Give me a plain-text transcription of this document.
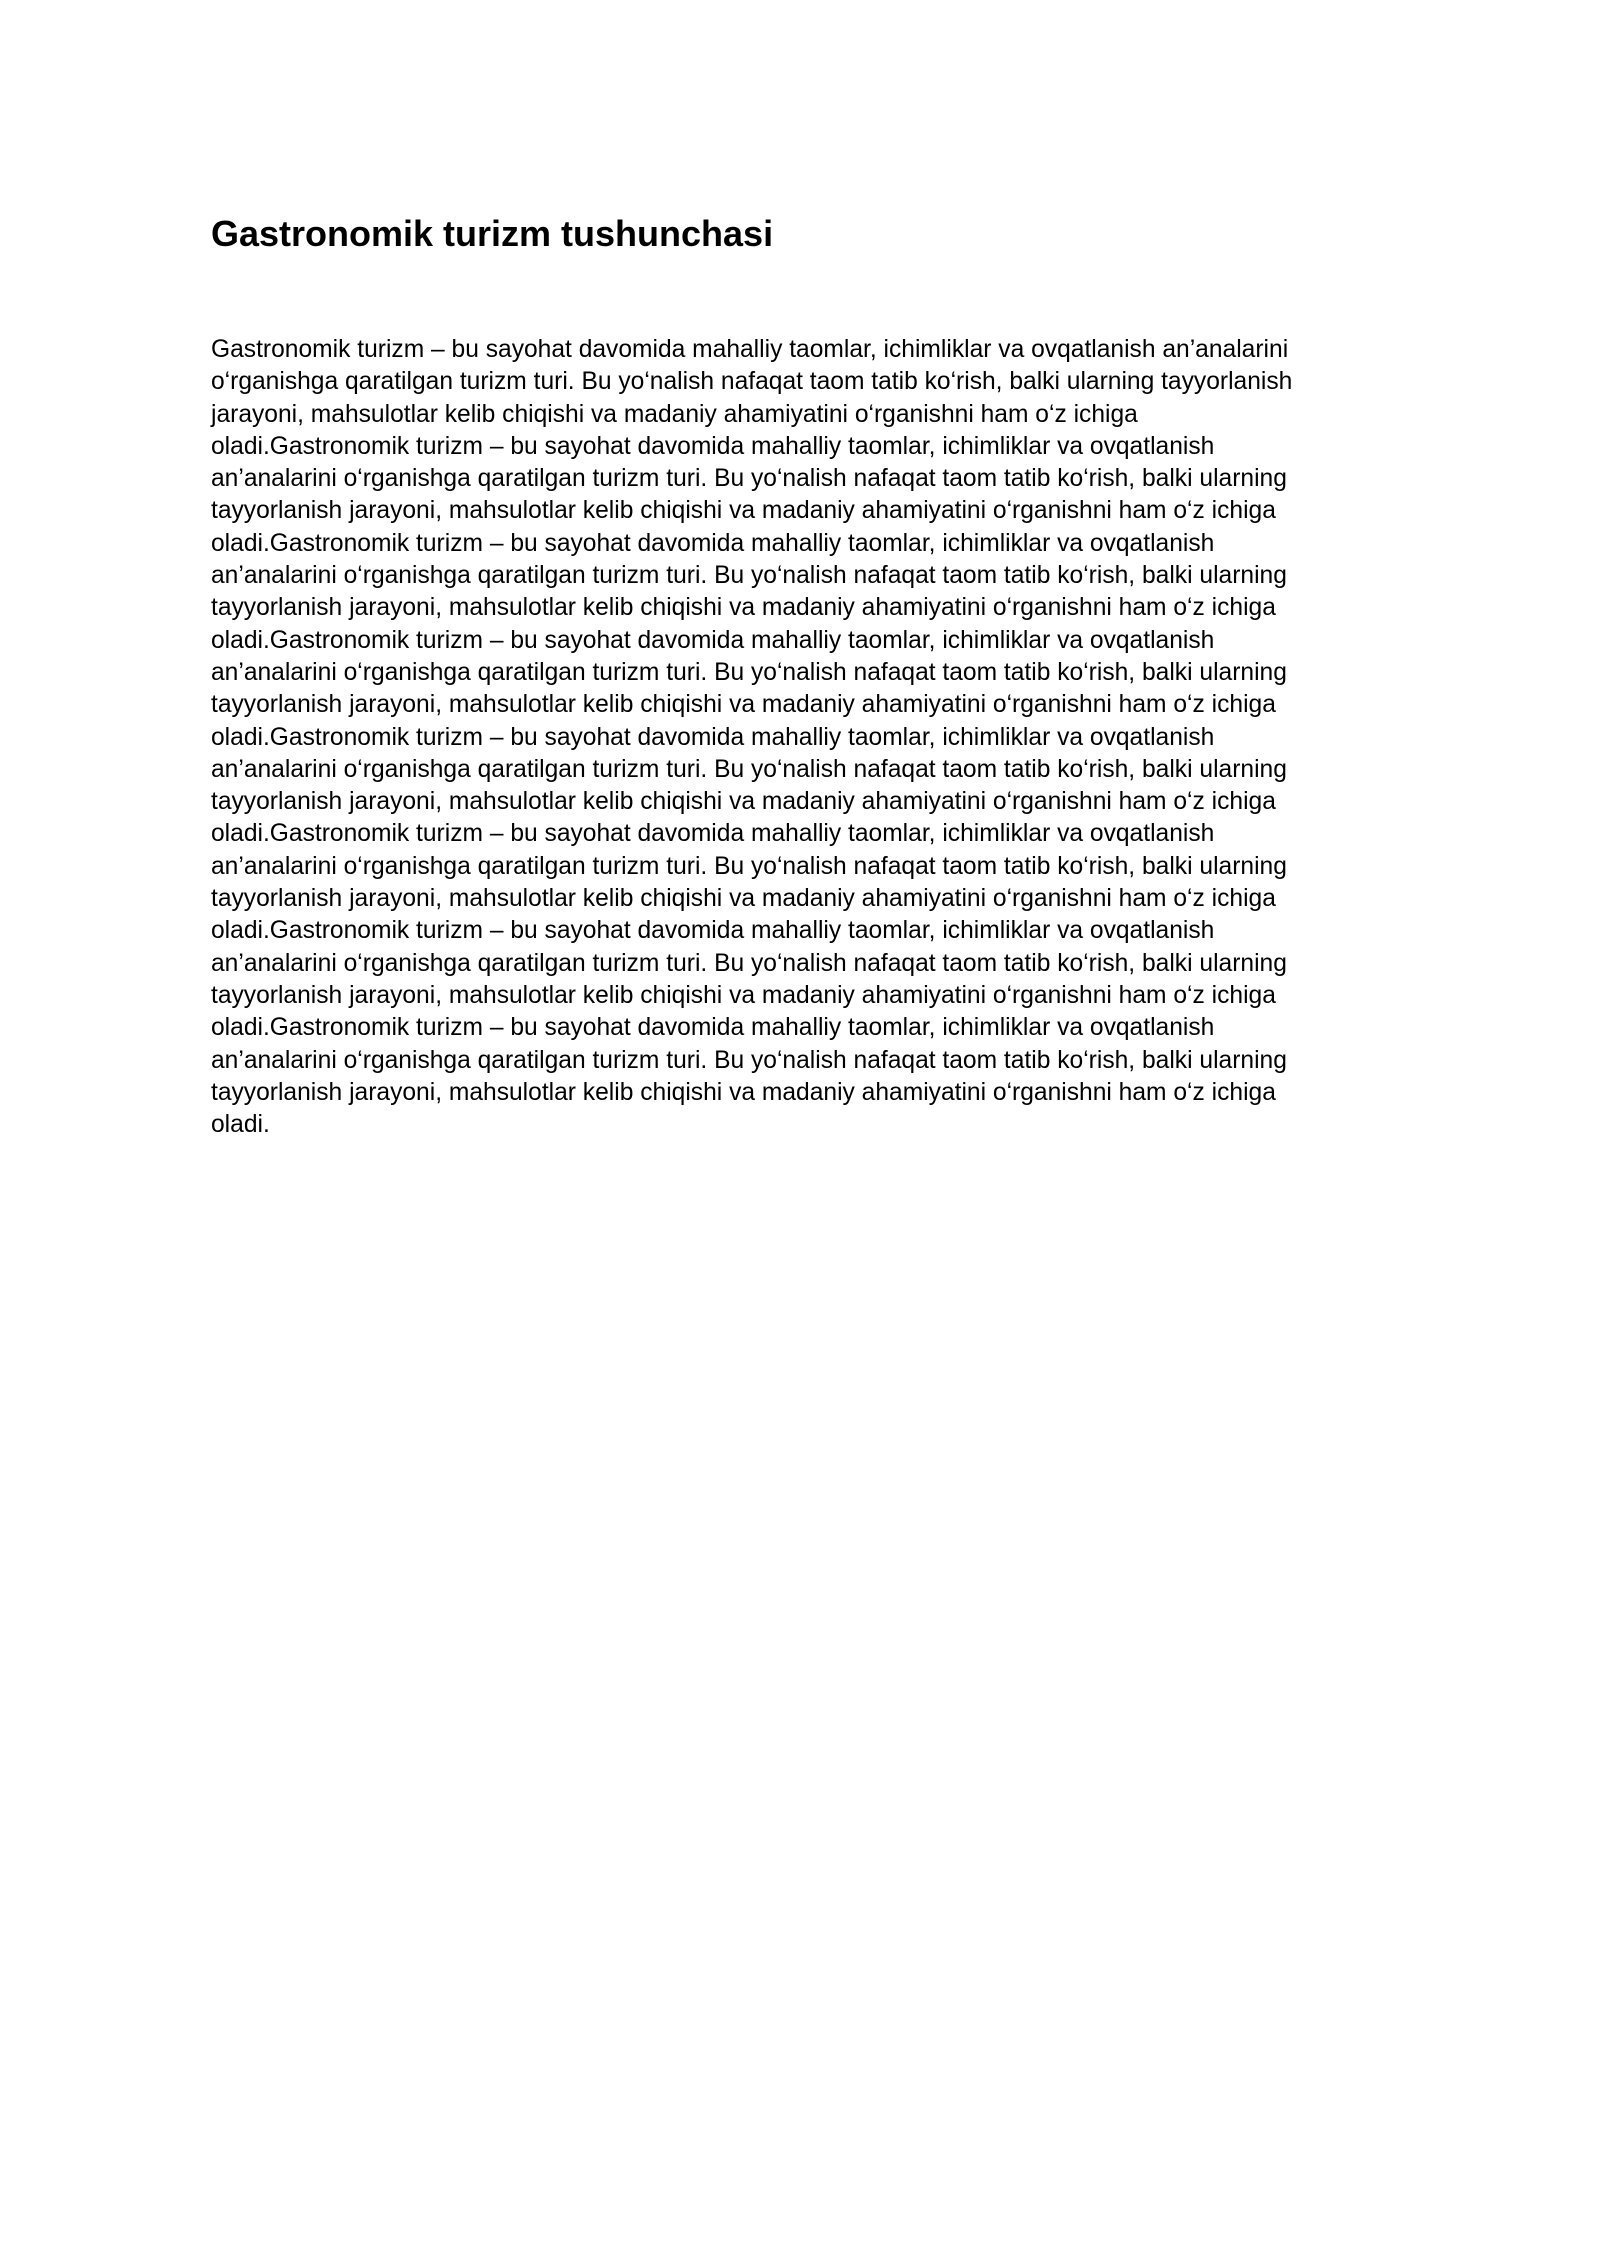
Gastronomik turizm tushunchasi
Gastronomik turizm – bu sayohat davomida mahalliy taomlar, ichimliklar va ovqatlanish an’analarini
o‘rganishga qaratilgan turizm turi. Bu yo‘nalish nafaqat taom tatib ko‘rish, balki ularning tayyorlanish
jarayoni, mahsulotlar kelib chiqishi va madaniy ahamiyatini o‘rganishni ham o‘z ichiga
oladi.Gastronomik turizm – bu sayohat davomida mahalliy taomlar, ichimliklar va ovqatlanish
an’analarini o‘rganishga qaratilgan turizm turi. Bu yo‘nalish nafaqat taom tatib ko‘rish, balki ularning
tayyorlanish jarayoni, mahsulotlar kelib chiqishi va madaniy ahamiyatini o‘rganishni ham o‘z ichiga
oladi.Gastronomik turizm – bu sayohat davomida mahalliy taomlar, ichimliklar va ovqatlanish
an’analarini o‘rganishga qaratilgan turizm turi. Bu yo‘nalish nafaqat taom tatib ko‘rish, balki ularning
tayyorlanish jarayoni, mahsulotlar kelib chiqishi va madaniy ahamiyatini o‘rganishni ham o‘z ichiga
oladi.Gastronomik turizm – bu sayohat davomida mahalliy taomlar, ichimliklar va ovqatlanish
an’analarini o‘rganishga qaratilgan turizm turi. Bu yo‘nalish nafaqat taom tatib ko‘rish, balki ularning
tayyorlanish jarayoni, mahsulotlar kelib chiqishi va madaniy ahamiyatini o‘rganishni ham o‘z ichiga
oladi.Gastronomik turizm – bu sayohat davomida mahalliy taomlar, ichimliklar va ovqatlanish
an’analarini o‘rganishga qaratilgan turizm turi. Bu yo‘nalish nafaqat taom tatib ko‘rish, balki ularning
tayyorlanish jarayoni, mahsulotlar kelib chiqishi va madaniy ahamiyatini o‘rganishni ham o‘z ichiga
oladi.Gastronomik turizm – bu sayohat davomida mahalliy taomlar, ichimliklar va ovqatlanish
an’analarini o‘rganishga qaratilgan turizm turi. Bu yo‘nalish nafaqat taom tatib ko‘rish, balki ularning
tayyorlanish jarayoni, mahsulotlar kelib chiqishi va madaniy ahamiyatini o‘rganishni ham o‘z ichiga
oladi.Gastronomik turizm – bu sayohat davomida mahalliy taomlar, ichimliklar va ovqatlanish
an’analarini o‘rganishga qaratilgan turizm turi. Bu yo‘nalish nafaqat taom tatib ko‘rish, balki ularning
tayyorlanish jarayoni, mahsulotlar kelib chiqishi va madaniy ahamiyatini o‘rganishni ham o‘z ichiga
oladi.Gastronomik turizm – bu sayohat davomida mahalliy taomlar, ichimliklar va ovqatlanish
an’analarini o‘rganishga qaratilgan turizm turi. Bu yo‘nalish nafaqat taom tatib ko‘rish, balki ularning
tayyorlanish jarayoni, mahsulotlar kelib chiqishi va madaniy ahamiyatini o‘rganishni ham o‘z ichiga
oladi.
